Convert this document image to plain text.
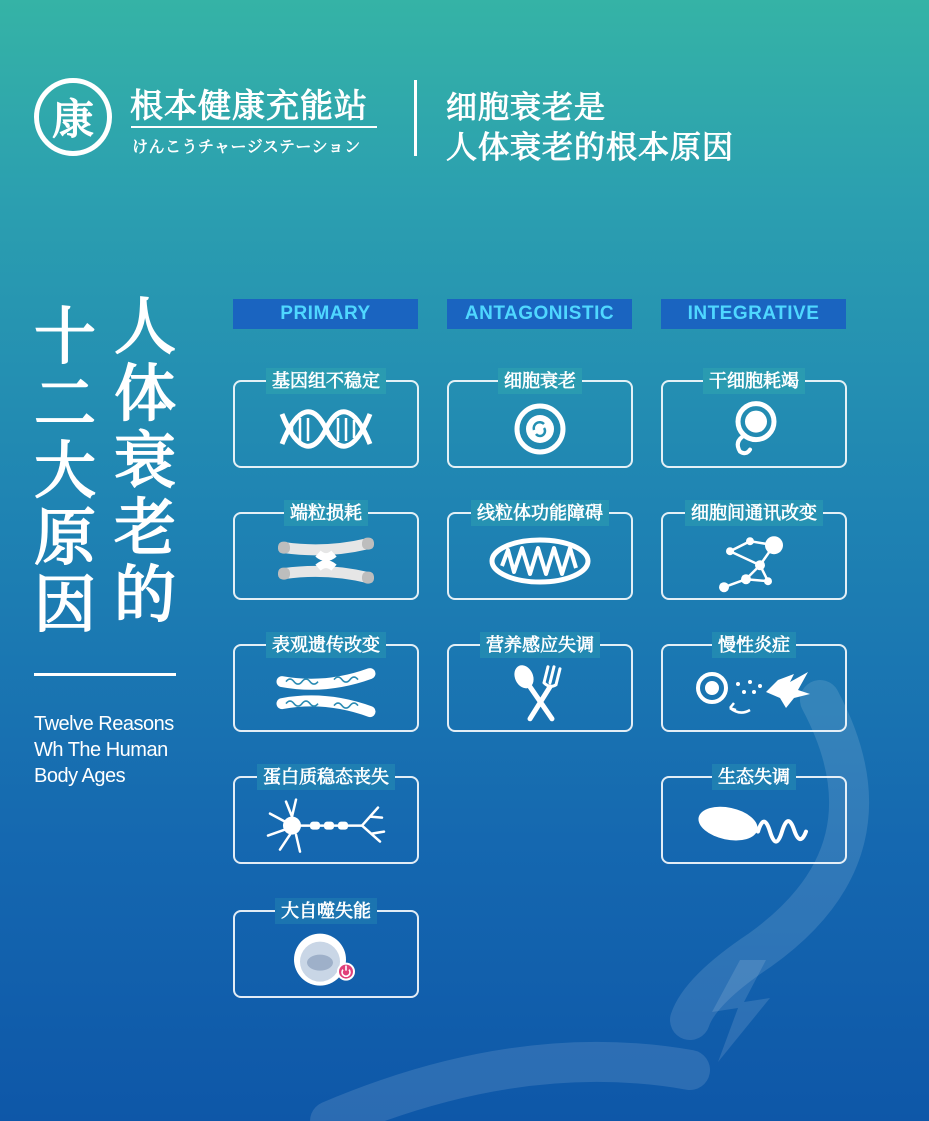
康 根本健康充能站
けんこうチャージステーション
细胞衰老是
人体衰老的根本原因
十
二
大
原
因
人
体
衰
老
的
Twelve Reasons
Wh The Human
Body Ages
PRIMARY	ANTAGONISTIC	INTEGRATIVE
基因组不稳定
端粒损耗
表观遗传改变
蛋白质稳态丧失
大自噬失能
细胞衰老
线粒体功能障碍
营养感应失调
干细胞耗竭
细胞间通讯改变
慢性炎症
生态失调
